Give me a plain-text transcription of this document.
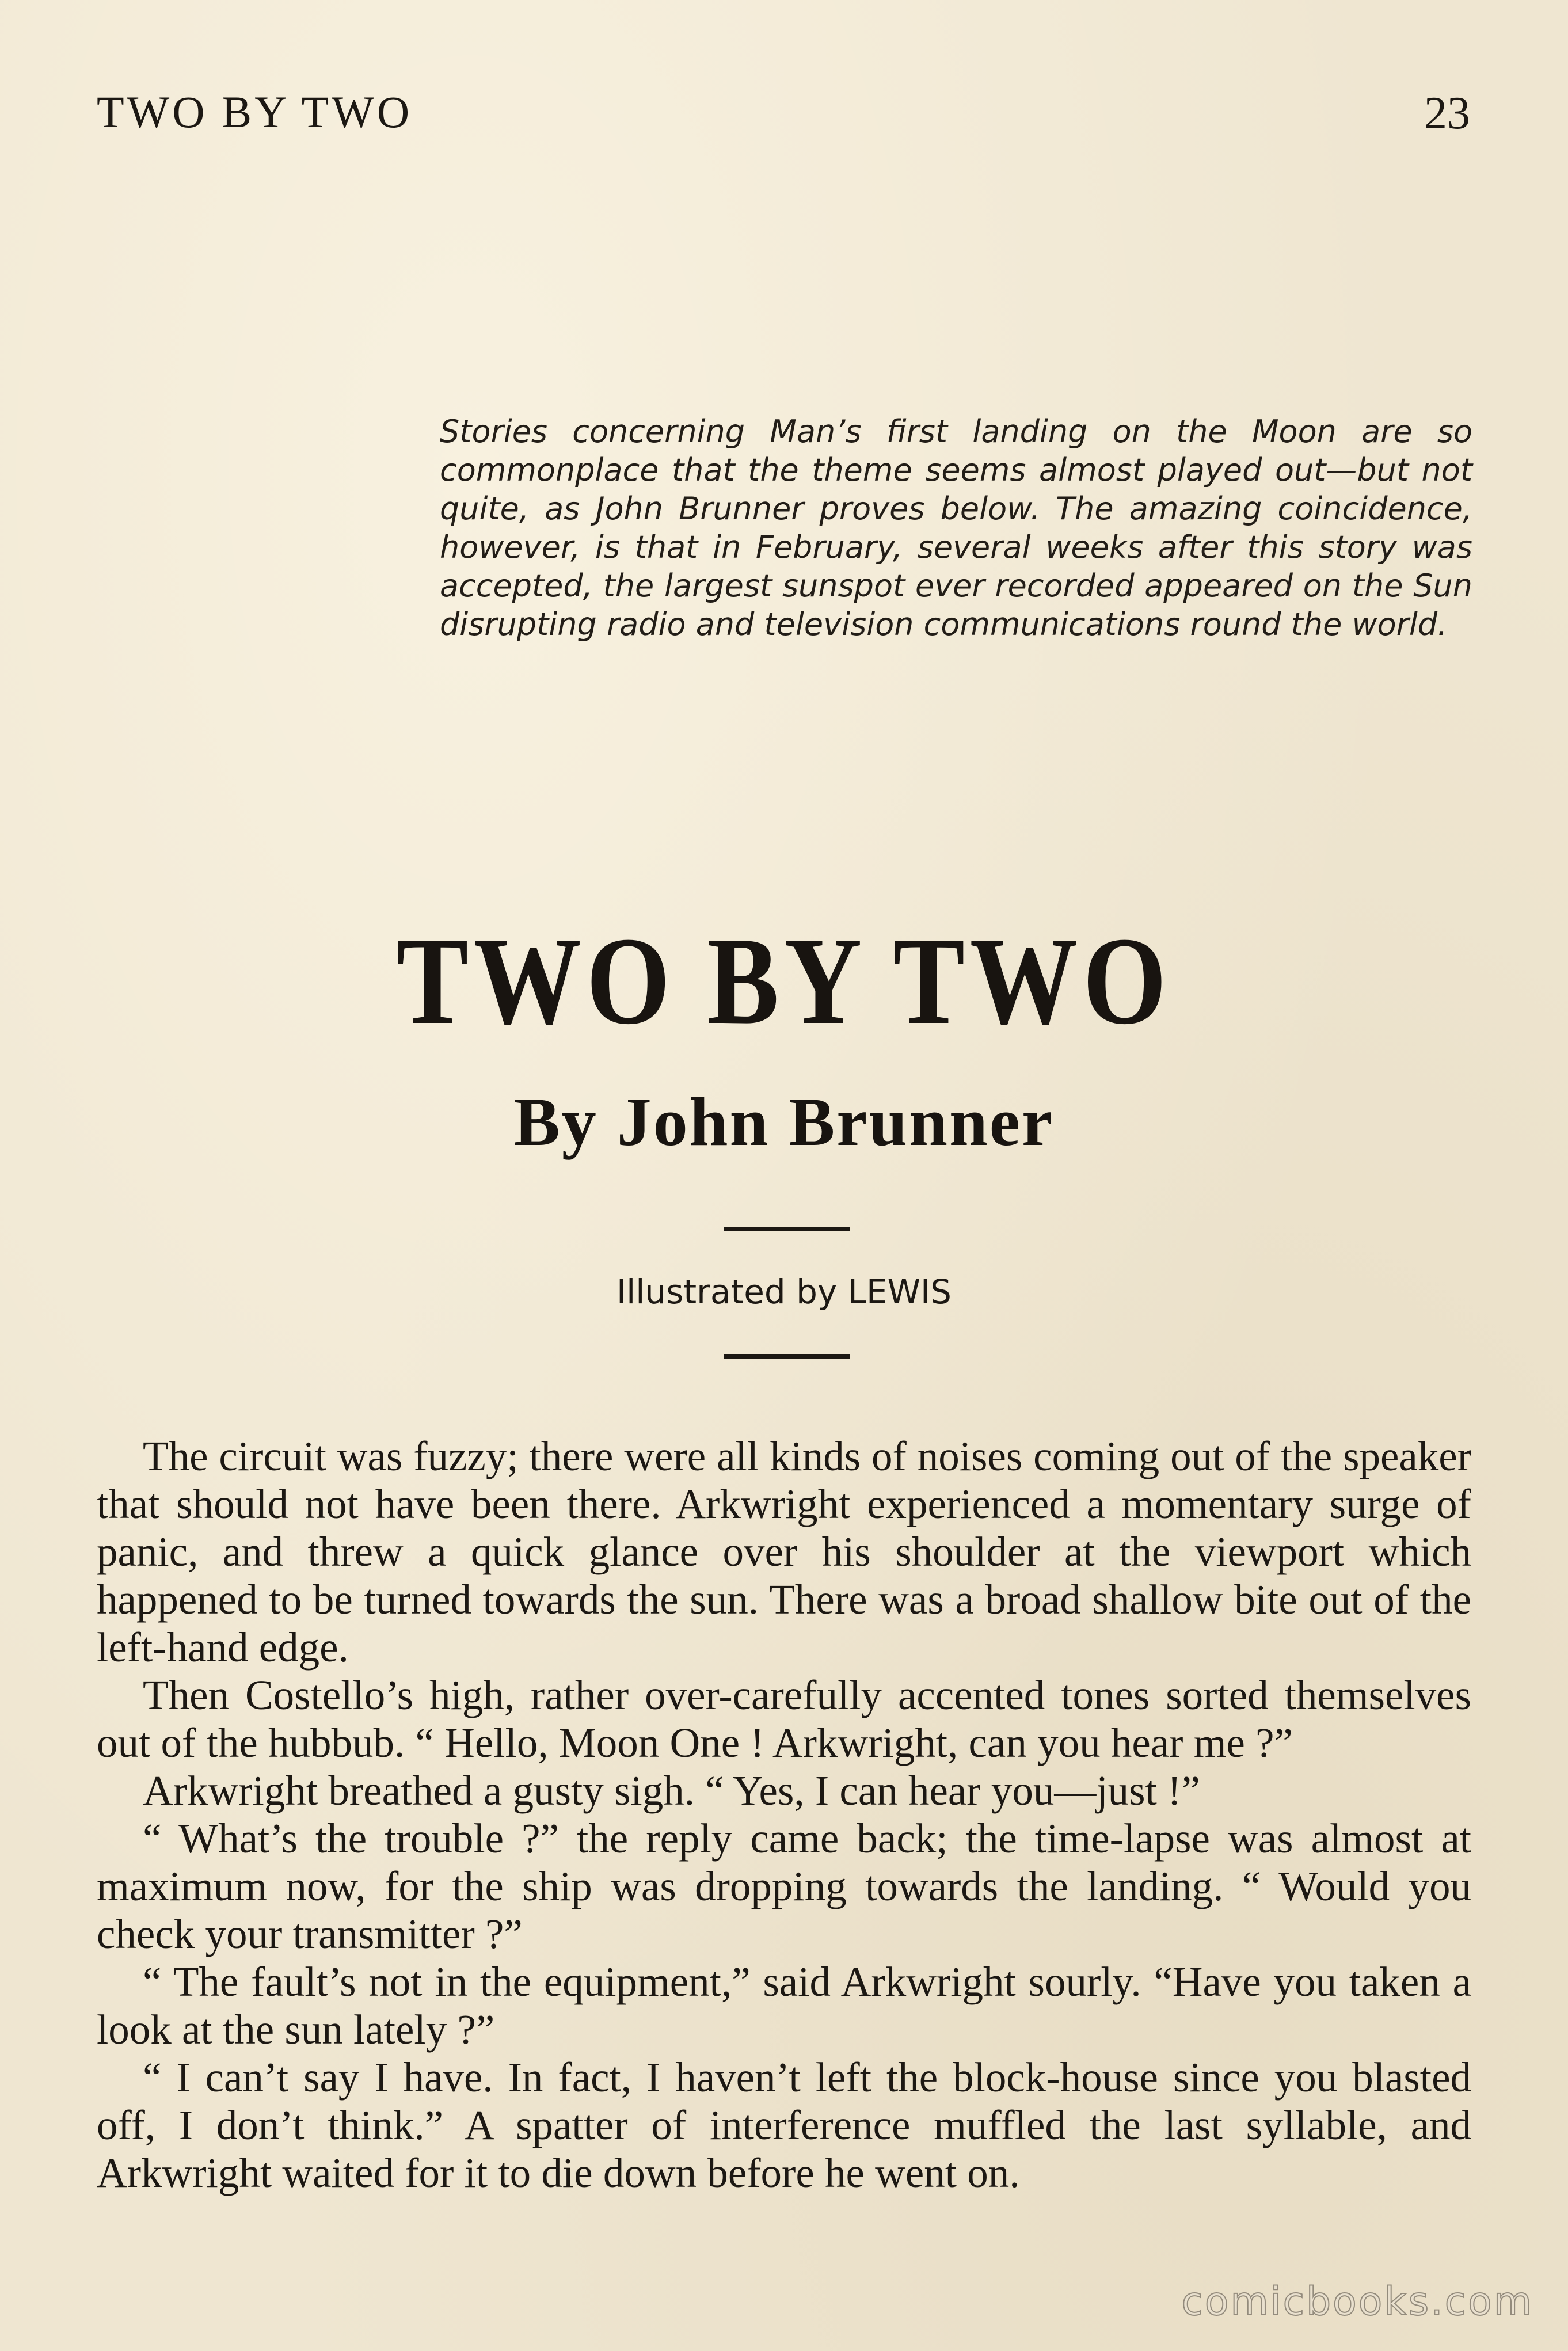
TWO BY TWO	23
Stories concerning Man’s first landing on the Moon are so commonplace that the theme seems almost played out—but not quite, as John Brunner proves below. The amazing coincidence, however, is that in February, several weeks after this story was accepted, the largest sunspot ever recorded appeared on the Sun disrupting radio and television communications round the world.
TWO BY TWO
By John Brunner
Illustrated by LEWIS

The circuit was fuzzy; there were all kinds of noises coming out of the speaker that should not have been there. Arkwright experienced a momentary surge of panic, and threw a quick glance over his shoulder at the viewport which happened to be turned towards the sun. There was a broad shallow bite out of the left-hand edge.

Then Costello’s high, rather over-carefully accented tones sorted themselves out of the hubbub. “ Hello, Moon One ! Arkwright, can you hear me ?”

Arkwright breathed a gusty sigh. “ Yes, I can hear you—just !”

“ What’s the trouble ?” the reply came back; the time-lapse was almost at maximum now, for the ship was dropping towards the landing. “ Would you check your transmitter ?”

“ The fault’s not in the equipment,” said Arkwright sourly. “Have you taken a look at the sun lately ?”

“ I can’t say I have. In fact, I haven’t left the block-house since you blasted off, I don’t think.” A spatter of interference muffled the last syllable, and Arkwright waited for it to die down before he went on.

comicbooks.com
